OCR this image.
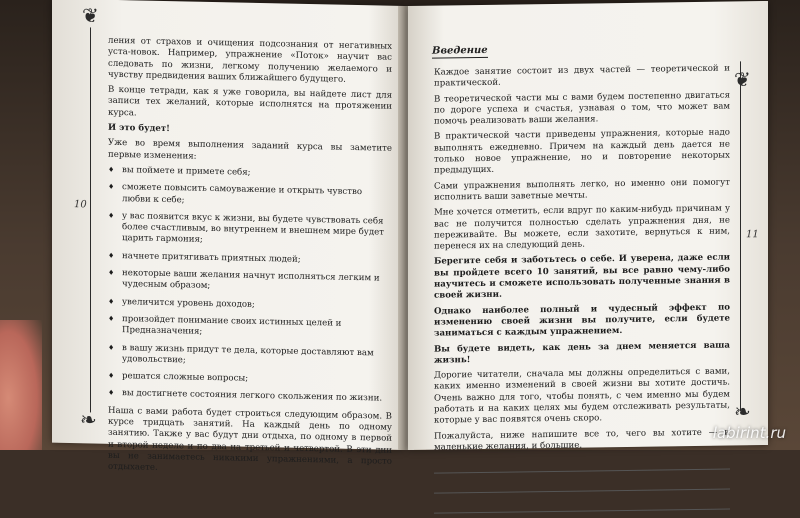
❦
❧
10

ления от страхов и очищения подсознания от негативных уста-новок. Например, упражнение «Поток» научит вас следовать по жизни, легкому получению желаемого и чувству предвидения ваших ближайшего будущего.

В конце тетради, как я уже говорила, вы найдете лист для записи тех желаний, которые исполнятся на протяжении курса.

И это будет!

Уже во время выполнения заданий курса вы заметите первые изменения:

♦ вы поймете и примете себя;
♦ сможете повысить самоуважение и открыть чувство любви к себе;
♦ у вас появится вкус к жизни, вы будете чувствовать себя более счастливым, во внутреннем и внешнем мире будет царить гармония;
♦ начнете притягивать приятных людей;
♦ некоторые ваши желания начнут исполняться легким и чудесным образом;
♦ увеличится уровень доходов;
♦ произойдет понимание своих истинных целей и Предназначения;
♦ в вашу жизнь придут те дела, которые доставляют вам удовольствие;
♦ решатся сложные вопросы;
♦ вы достигнете состояния легкого скольжения по жизни.

Наша с вами работа будет строиться следующим образом. В курсе тридцать занятий. На каждый день по одному занятию. Также у вас будут дни отдыха, по одному в первой и второй неделе и по два на третьей и четвертой. В эти дни вы не занимаетесь никакими упражнениями, а просто отдыхаете.

Введение
❦
❧
11

Каждое занятие состоит из двух частей — теоретической и практической.

В теоретической части мы с вами будем постепенно двигаться по дороге успеха и счастья, узнавая о том, что может вам помочь реализовать ваши желания.

В практической части приведены упражнения, которые надо выполнять ежедневно. Причем на каждый день дается не только новое упражнение, но и повторение некоторых предыдущих.

Сами упражнения выполнять легко, но именно они помогут исполнить ваши заветные мечты.

Мне хочется отметить, если вдруг по каким-нибудь причинам у вас не получится полностью сделать упражнения дня, не переживайте. Вы можете, если захотите, вернуться к ним, перенеся их на следующий день.

Берегите себя и заботьтесь о себе. И уверена, даже если вы пройдете всего 10 занятий, вы все равно чему-либо научитесь и сможете использовать полученные знания в своей жизни.

Однако наиболее полный и чудесный эффект по изменению своей жизни вы получите, если будете заниматься с каждым упражнением.

Вы будете видеть, как день за днем меняется ваша жизнь!

Дорогие читатели, сначала мы должны определиться с вами, каких именно изменений в своей жизни вы хотите достичь. Очень важно для того, чтобы понять, с чем именно мы будем работать и на каких целях мы будем отслеживать результаты, которые у вас появятся очень скоро.

Пожалуйста, ниже напишите все то, чего вы хотите — и маленькие желания, и большие.

labirint.ru
